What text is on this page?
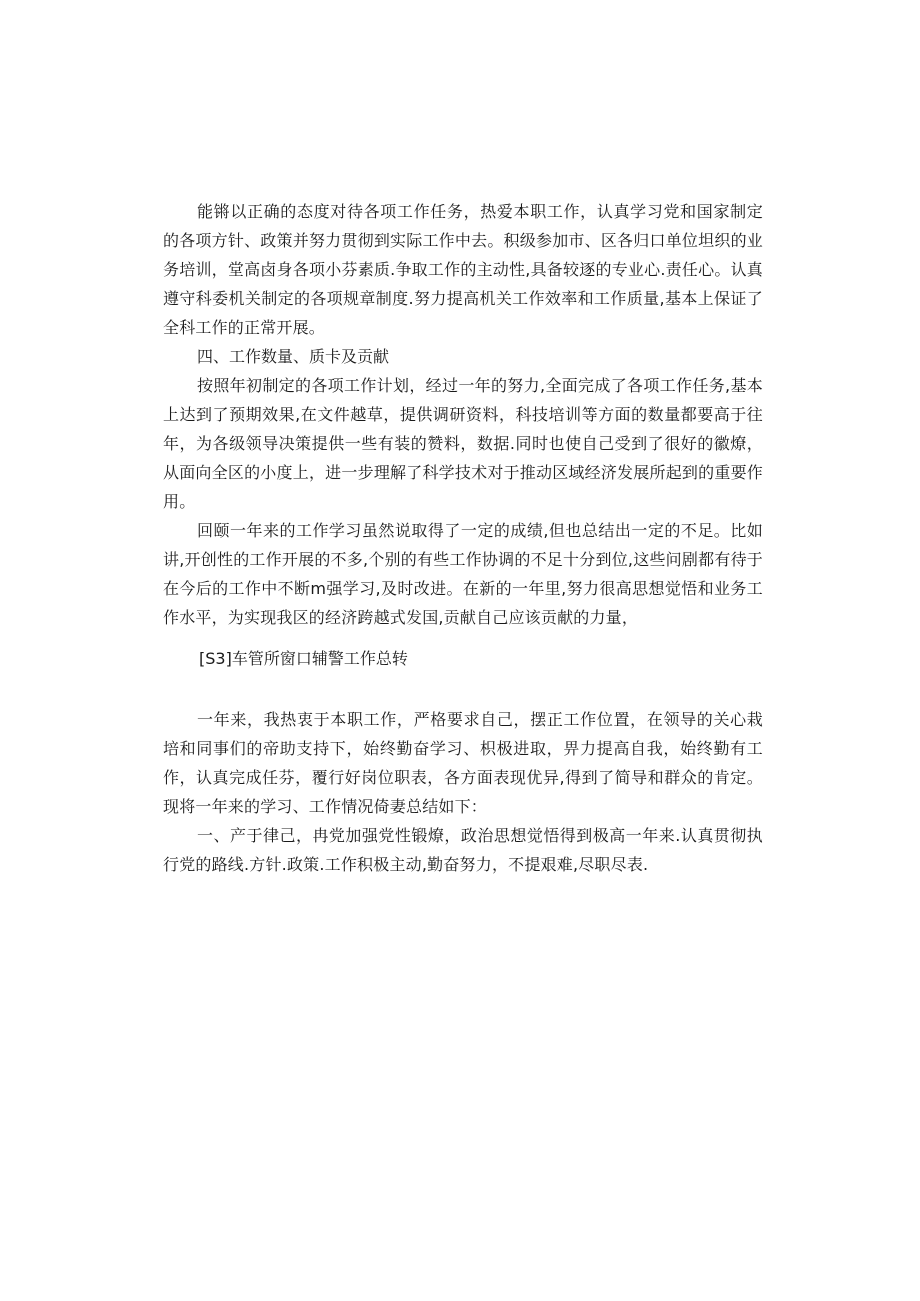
能锵以正确的态度对待各项工作任务，热爱本职工作，认真学习党和国家制定的各项方针、政策并努力贯彻到实际工作中去。积级参加市、区各归口单位坦织的业务培训，堂高卤身各项小芬素质.争取工作的主动性,具备较逐的专业心.责任心。认真遵守科委机关制定的各项规章制度.努力提高机关工作效率和工作质量,基本上保证了全科工作的正常开展。

四、工作数量、质卡及贡献

按照年初制定的各项工作计划，经过一年的努力,全面完成了各项工作任务,基本上达到了预期效果,在文件越草，提供调研资料，科技培训等方面的数量都要高于往年，为各级领导决策提供一些有装的赞料，数据.同时也使自己受到了很好的徽燎，从面向全区的小度上，进一步理解了科学技术对于推动区域经济发展所起到的重要作用。

回颐一年来的工作学习虽然说取得了一定的成绩,但也总结出一定的不足。比如讲,开创性的工作开展的不多,个别的有些工作协调的不足十分到位,这些问剧都有待于在今后的工作中不断m强学习,及时改进。在新的一年里,努力很高思想觉悟和业务工作水平，为实现我区的经济跨越式发国,贡献自己应该贡献的力量，

[S3]车管所窗口辅警工作总转

一年来，我热衷于本职工作，严格要求自己，摆正工作位置，在领导的关心栽培和同事们的帝助支持下，始终勤奋学习、枳极进取，畀力提高自我，始终勤有工作，认真完成任芬，覆行好岗位职表，各方面表现优异,得到了简导和群众的肯定。现将一年来的学习、工作情况倚妻总结如下：

一、产于律己，冉党加强党性锻燎，政治思想觉悟得到极高一年来.认真贯彻执行党的路线.方针.政策.工作积极主动,勤奋努力，不提艰难,尽职尽表.
